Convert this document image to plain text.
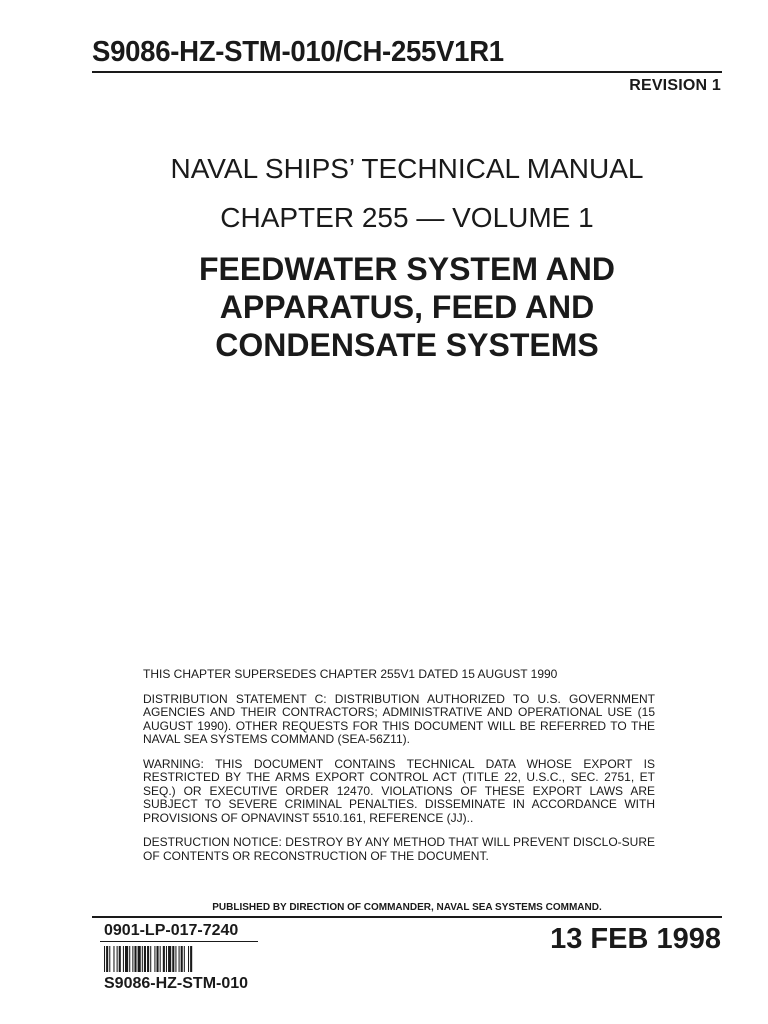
S9086-HZ-STM-010/CH-255V1R1
REVISION 1
NAVAL SHIPS’ TECHNICAL MANUAL
CHAPTER 255 — VOLUME 1
FEEDWATER SYSTEM AND
APPARATUS, FEED AND
CONDENSATE SYSTEMS

THIS CHAPTER SUPERSEDES CHAPTER 255V1 DATED 15 AUGUST 1990

DISTRIBUTION STATEMENT C: DISTRIBUTION AUTHORIZED TO U.S. GOVERNMENT AGENCIES AND THEIR CONTRACTORS; ADMINISTRATIVE AND OPERATIONAL USE (15 AUGUST 1990). OTHER REQUESTS FOR THIS DOCUMENT WILL BE REFERRED TO THE NAVAL SEA SYSTEMS COMMAND (SEA-56Z11).

WARNING: THIS DOCUMENT CONTAINS TECHNICAL DATA WHOSE EXPORT IS RESTRICTED BY THE ARMS EXPORT CONTROL ACT (TITLE 22, U.S.C., SEC. 2751, ET SEQ.) OR EXECUTIVE ORDER 12470. VIOLATIONS OF THESE EXPORT LAWS ARE SUBJECT TO SEVERE CRIMINAL PENALTIES. DISSEMINATE IN ACCORDANCE WITH PROVISIONS OF OPNAVINST 5510.161, REFERENCE (JJ)..

DESTRUCTION NOTICE: DESTROY BY ANY METHOD THAT WILL PREVENT DISCLO-SURE OF CONTENTS OR RECONSTRUCTION OF THE DOCUMENT.

PUBLISHED BY DIRECTION OF COMMANDER, NAVAL SEA SYSTEMS COMMAND.
0901-LP-017-7240
S9086-HZ-STM-010
13 FEB 1998
